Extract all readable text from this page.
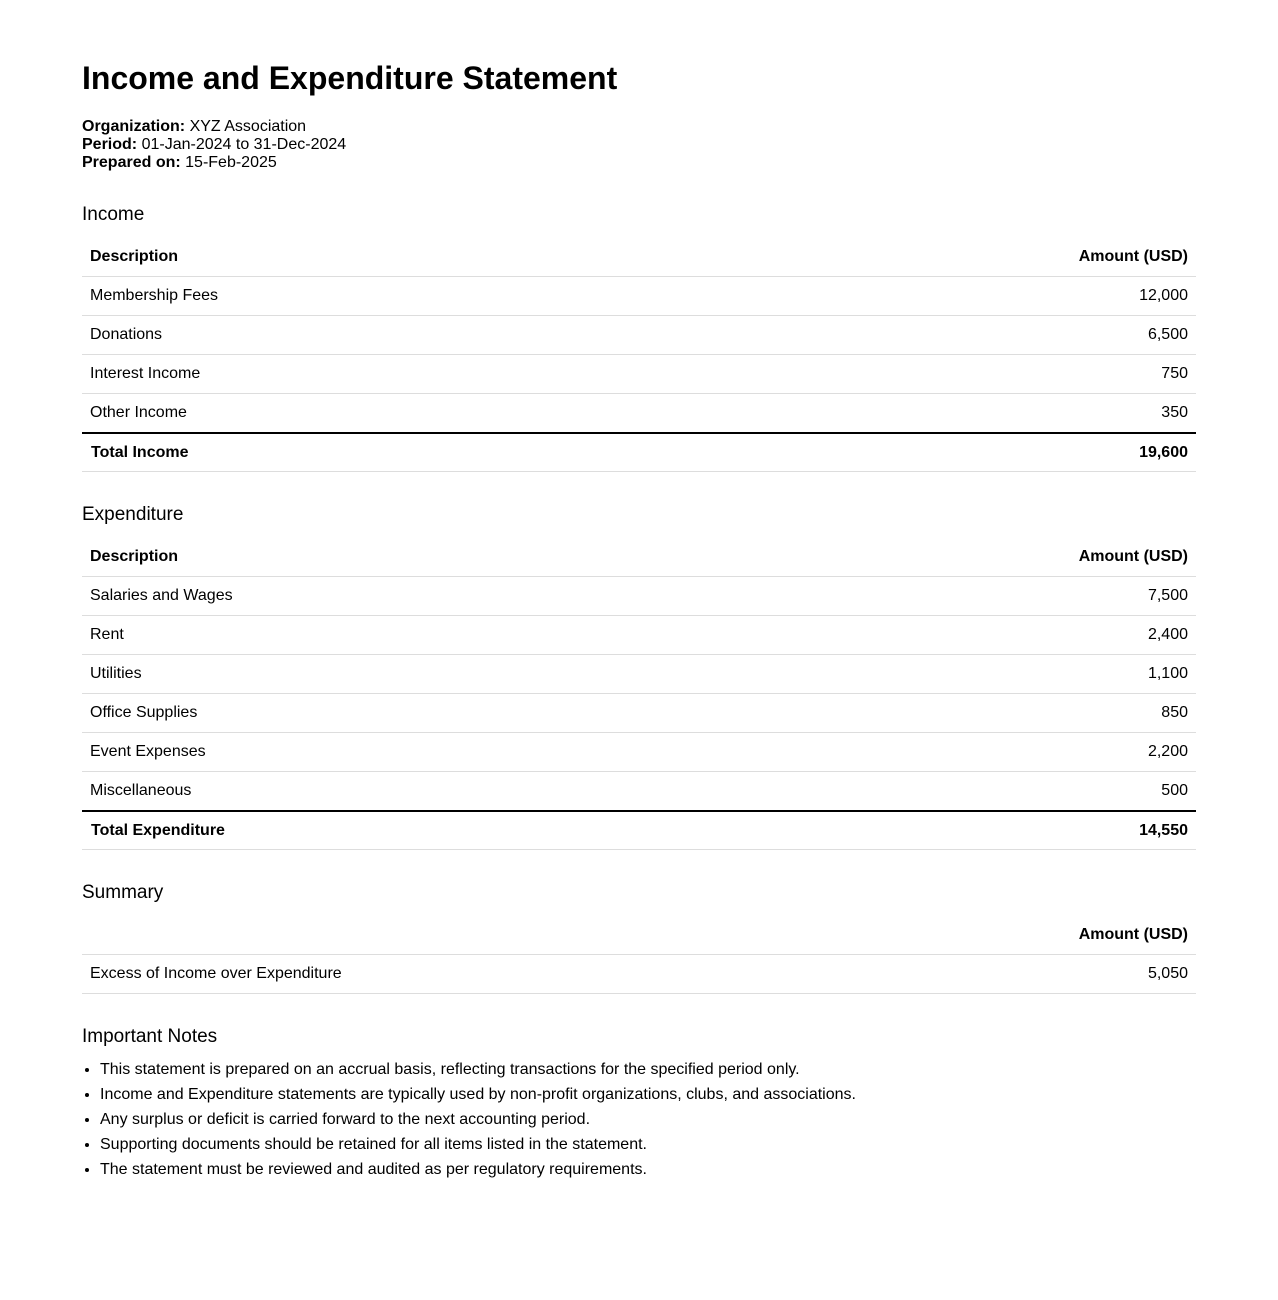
Income and Expenditure Statement
Organization: XYZ Association
Period: 01-Jan-2024 to 31-Dec-2024
Prepared on: 15-Feb-2025
Income
Description	Amount (USD)
Membership Fees	12,000
Donations	6,500
Interest Income	750
Other Income	350
Total Income	19,600
Expenditure
Description	Amount (USD)
Salaries and Wages	7,500
Rent	2,400
Utilities	1,100
Office Supplies	850
Event Expenses	2,200
Miscellaneous	500
Total Expenditure	14,550
Summary
	Amount (USD)
Excess of Income over Expenditure	5,050
Important Notes
• This statement is prepared on an accrual basis, reflecting transactions for the specified period only.
• Income and Expenditure statements are typically used by non-profit organizations, clubs, and associations.
• Any surplus or deficit is carried forward to the next accounting period.
• Supporting documents should be retained for all items listed in the statement.
• The statement must be reviewed and audited as per regulatory requirements.
